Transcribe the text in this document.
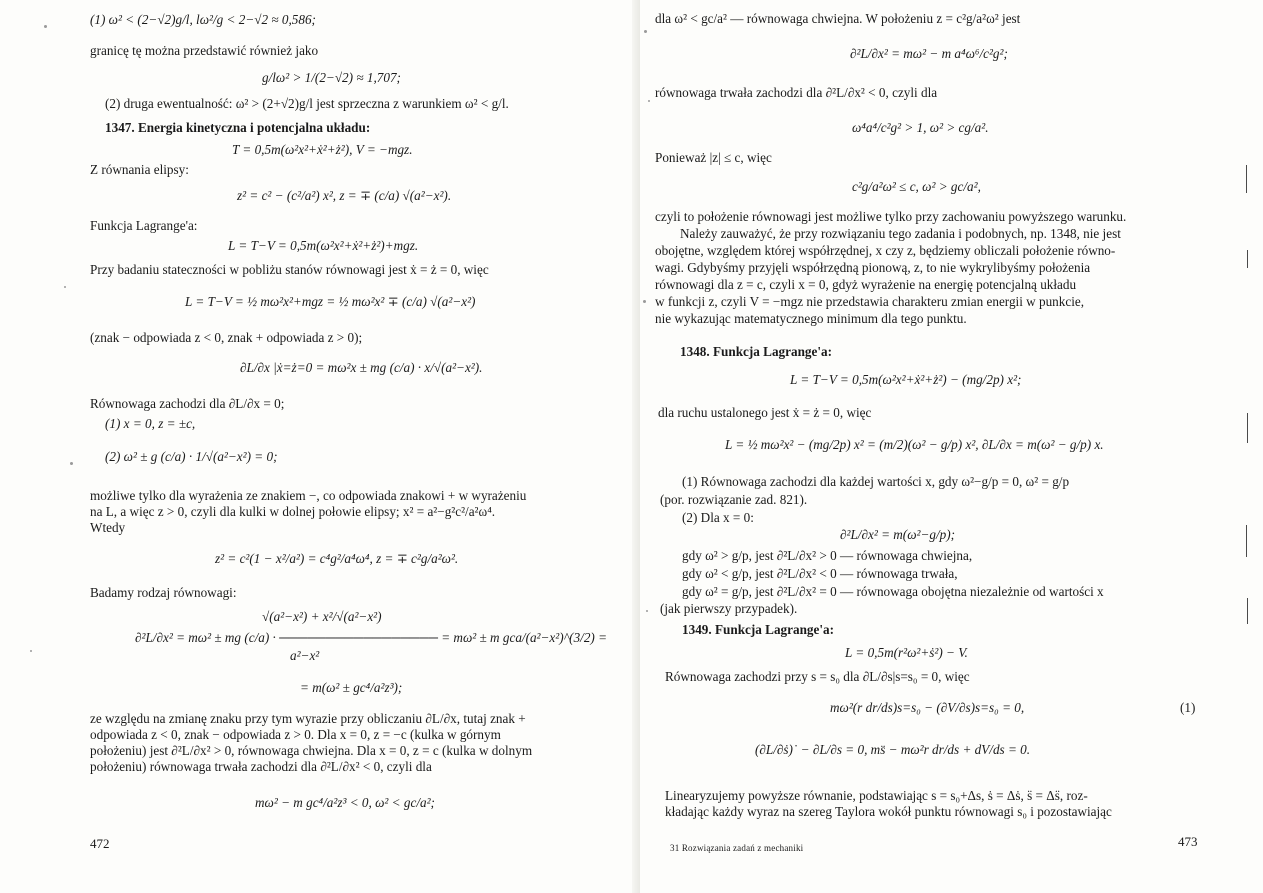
(1) ω² < (2−√2)g/l, lω²/g < 2−√2 ≈ 0,586;
granicę tę można przedstawić również jako
g/lω² > 1/(2−√2) ≈ 1,707;
(2) druga ewentualność: ω² > (2+√2)g/l jest sprzeczna z warunkiem ω² < g/l.
1347. Energia kinetyczna i potencjalna układu:
T = 0,5m(ω²x²+ẋ²+ż²), V = −mgz.
Z równania elipsy:
z² = c² − (c²/a²) x², z = ∓ (c/a) √(a²−x²).
Funkcja Lagrange'a:
L = T−V = 0,5m(ω²x²+ẋ²+ż²)+mgz.
Przy badaniu stateczności w pobliżu stanów równowagi jest ẋ = ż = 0, więc
L = T−V = ½ mω²x²+mgz = ½ mω²x² ∓ (c/a) √(a²−x²)
(znak − odpowiada z < 0, znak + odpowiada z > 0);
∂L/∂x |ẋ=ż=0 = mω²x ± mg (c/a) · x/√(a²−x²).
Równowaga zachodzi dla ∂L/∂x = 0;
(1) x = 0, z = ±c,
(2) ω² ± g (c/a) · 1/√(a²−x²) = 0;
możliwe tylko dla wyrażenia ze znakiem −, co odpowiada znakowi + w wyrażeniu
na L, a więc z > 0, czyli dla kulki w dolnej połowie elipsy; x² = a²−g²c²/a²ω⁴.
Wtedy
z² = c²(1 − x²/a²) = c⁴g²/a⁴ω⁴, z = ∓ c²g/a²ω².
Badamy rodzaj równowagi:
√(a²−x²) + x²/√(a²−x²)
∂²L/∂x² = mω² ± mg (c/a) · ───────────────── = mω² ± m gca/(a²−x²)^(3/2) =
a²−x²
= m(ω² ± gc⁴/a²z³);
ze względu na zmianę znaku przy tym wyrazie przy obliczaniu ∂L/∂x, tutaj znak +
odpowiada z < 0, znak − odpowiada z > 0. Dla x = 0, z = −c (kulka w górnym
położeniu) jest ∂²L/∂x² > 0, równowaga chwiejna. Dla x = 0, z = c (kulka w dolnym
położeniu) równowaga trwała zachodzi dla ∂²L/∂x² < 0, czyli dla
mω² − m gc⁴/a²z³ < 0, ω² < gc/a²;
472
dla ω² < gc/a² — równowaga chwiejna. W położeniu z = c²g/a²ω² jest
∂²L/∂x² = mω² − m a⁴ω⁶/c²g²;
równowaga trwała zachodzi dla ∂²L/∂x² < 0, czyli dla
ω⁴a⁴/c²g² > 1, ω² > cg/a².
Ponieważ |z| ≤ c, więc
c²g/a²ω² ≤ c, ω² > gc/a²,
czyli to położenie równowagi jest możliwe tylko przy zachowaniu powyższego warunku.
Należy zauważyć, że przy rozwiązaniu tego zadania i podobnych, np. 1348, nie jest
obojętne, względem której współrzędnej, x czy z, będziemy obliczali położenie równo-
wagi. Gdybyśmy przyjęli współrzędną pionową, z, to nie wykrylibyśmy położenia
równowagi dla z = c, czyli x = 0, gdyż wyrażenie na energię potencjalną układu
w funkcji z, czyli V = −mgz nie przedstawia charakteru zmian energii w punkcie,
nie wykazując matematycznego minimum dla tego punktu.
1348. Funkcja Lagrange'a:
L = T−V = 0,5m(ω²x²+ẋ²+ż²) − (mg/2p) x²;
dla ruchu ustalonego jest ẋ = ż = 0, więc
L = ½ mω²x² − (mg/2p) x² = (m/2)(ω² − g/p) x², ∂L/∂x = m(ω² − g/p) x.
(1) Równowaga zachodzi dla każdej wartości x, gdy ω²−g/p = 0, ω² = g/p
(por. rozwiązanie zad. 821).
(2) Dla x = 0:
∂²L/∂x² = m(ω²−g/p);
gdy ω² > g/p, jest ∂²L/∂x² > 0 — równowaga chwiejna,
gdy ω² < g/p, jest ∂²L/∂x² < 0 — równowaga trwała,
gdy ω² = g/p, jest ∂²L/∂x² = 0 — równowaga obojętna niezależnie od wartości x
(jak pierwszy przypadek).
1349. Funkcja Lagrange'a:
L = 0,5m(r²ω²+ṡ²) − V.
Równowaga zachodzi przy s = s₀ dla ∂L/∂s|s=s₀ = 0, więc
mω²(r dr/ds)s=s₀ − (∂V/∂s)s=s₀ = 0,	(1)
(∂L/∂ṡ)˙ − ∂L/∂s = 0, ms̈ − mω²r dr/ds + dV/ds = 0.
Linearyzujemy powyższe równanie, podstawiając s = s₀+Δs, ṡ = Δṡ, s̈ = Δs̈, roz-
kładając każdy wyraz na szereg Taylora wokół punktu równowagi s₀ i pozostawiając
31 Rozwiązania zadań z mechaniki	473
